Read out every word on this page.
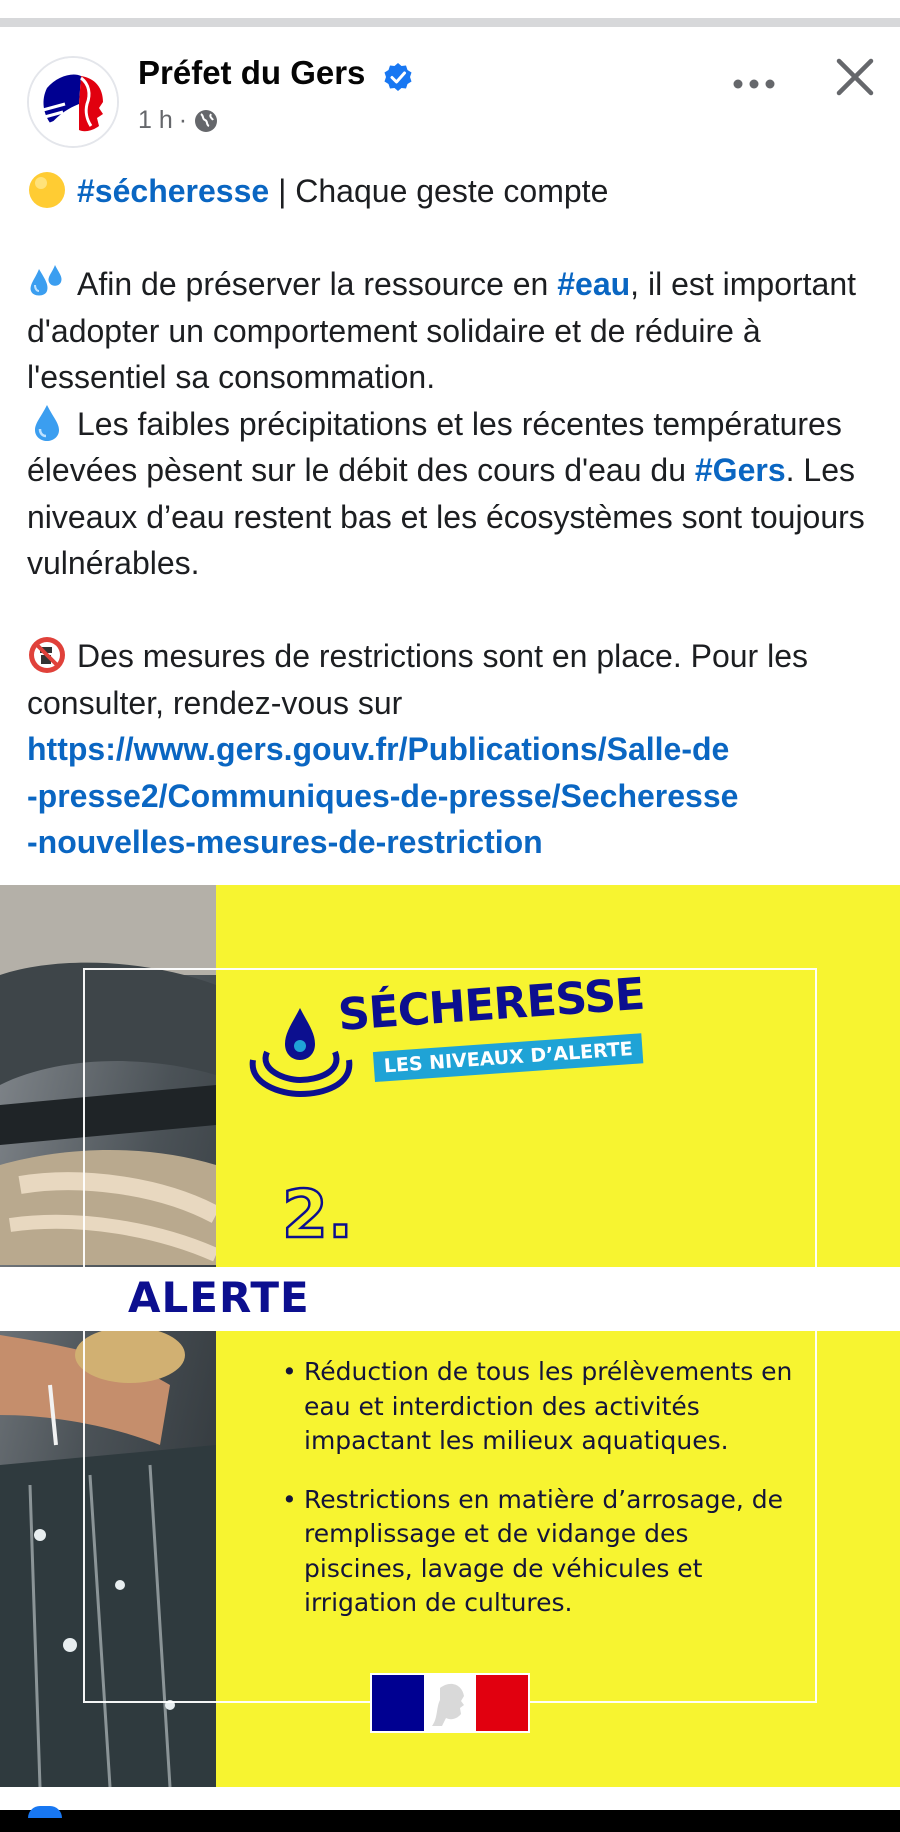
Préfet du Gers
1 h ·

#sécheresse | Chaque geste compte

Afin de préserver la ressource en #eau, il est important d'adopter un comportement solidaire et de réduire à l'essentiel sa consommation.

Les faibles précipitations et les récentes températures élevées pèsent sur le débit des cours d'eau du #Gers. Les niveaux d’eau restent bas et les écosystèmes sont toujours vulnérables.

Des mesures de restrictions sont en place. Pour les consulter, rendez-vous sur

https://www.gers.gouv.fr/Publications/Salle-de
-presse2/Communiques-de-presse/Secheresse
-nouvelles-mesures-de-restriction
SÉCHERESSE
LES NIVEAUX D’ALERTE
2.
ALERTE
• Réduction de tous les prélèvements en eau et interdiction des activités impactant les milieux aquatiques.
• Restrictions en matière d’arrosage, de remplissage et de vidange des piscines, lavage de véhicules et irrigation de cultures.
